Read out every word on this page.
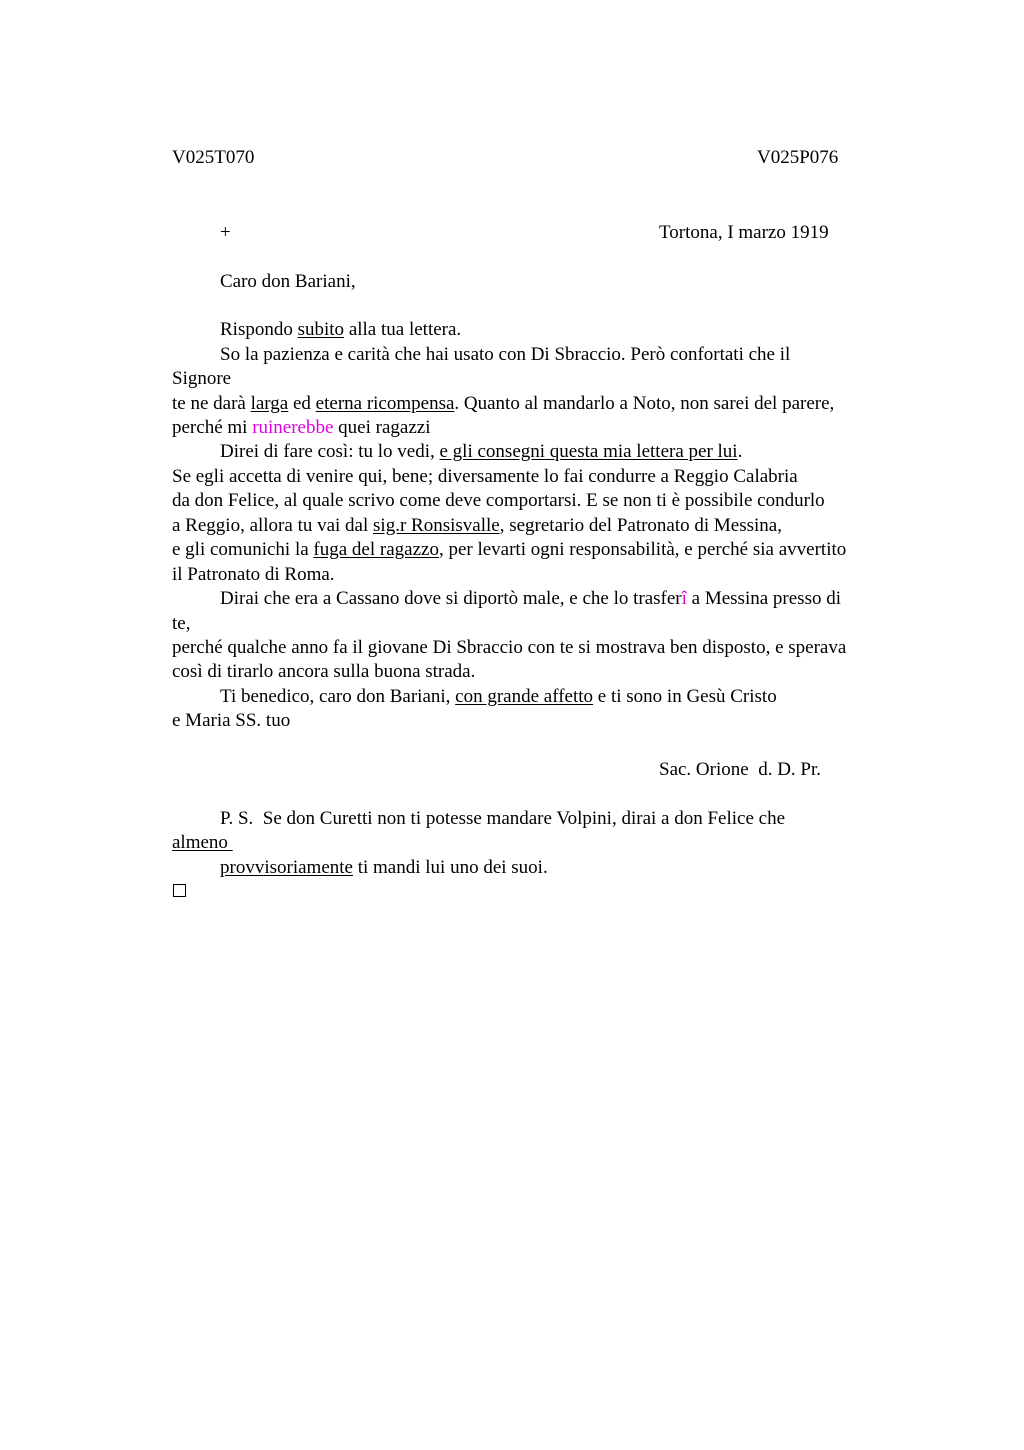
V025T070	V025P076
+	Tortona, I marzo 1919
Caro don Bariani,
Rispondo subito alla tua lettera.
So la pazienza e carità che hai usato con Di Sbraccio. Però confortati che il
Signore
te ne darà larga ed eterna ricompensa. Quanto al mandarlo a Noto, non sarei del parere,
perché mi ruinerebbe quei ragazzi
Direi di fare così: tu lo vedi, e gli consegni questa mia lettera per lui.
Se egli accetta di venire qui, bene; diversamente lo fai condurre a Reggio Calabria
da don Felice, al quale scrivo come deve comportarsi. E se non ti è possibile condurlo
a Reggio, allora tu vai dal sig.r Ronsisvalle, segretario del Patronato di Messina,
e gli comunichi la fuga del ragazzo, per levarti ogni responsabilità, e perché sia avvertito
il Patronato di Roma.
Dirai che era a Cassano dove si diportò male, e che lo trasferî a Messina presso di
te,
perché qualche anno fa il giovane Di Sbraccio con te si mostrava ben disposto, e sperava
così di tirarlo ancora sulla buona strada.
Ti benedico, caro don Bariani, con grande affetto e ti sono in Gesù Cristo
e Maria SS. tuo
Sac. Orione  d. D. Pr.
P. S.  Se don Curetti non ti potesse mandare Volpini, dirai a don Felice che
almeno
provvisoriamente ti mandi lui uno dei suoi.
